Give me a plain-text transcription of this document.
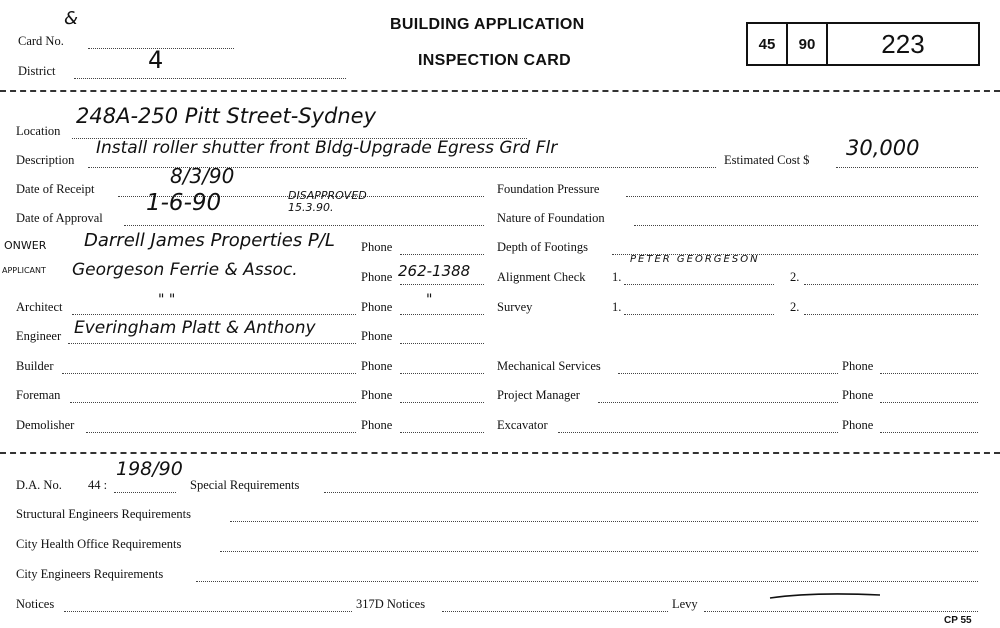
Card No.
&
District	4
BUILDING APPLICATION
INSPECTION CARD
45	90	223
Location
248A-250 Pitt Street-Sydney
Description
Install roller shutter front Bldg-Upgrade Egress Grd Flr
Estimated Cost $ 30,000
Date of Receipt
8/3/90
Date of Approval
1-6-90	DISAPPROVED 15.3.90.
ONWER Darrell James Properties P/L Phone
APPLICANT Georgeson Ferrie & Assoc.	Phone 262-1388
Architect	" "	Phone "
Engineer Everingham Platt & Anthony	Phone
Builder	Phone
Foreman	Phone
Demolisher	Phone
Foundation Pressure
Nature of Foundation
Depth of Footings
Alignment Check 1.	2.
PETER GEORGESON
Survey	1.	2.
Mechanical Services	Phone
Project Manager	Phone
Excavator	Phone
D.A. No. 44 :
198/90
Special Requirements
Structural Engineers Requirements
City Health Office Requirements
City Engineers Requirements
Notices	317D Notices	Levy
CP 55
